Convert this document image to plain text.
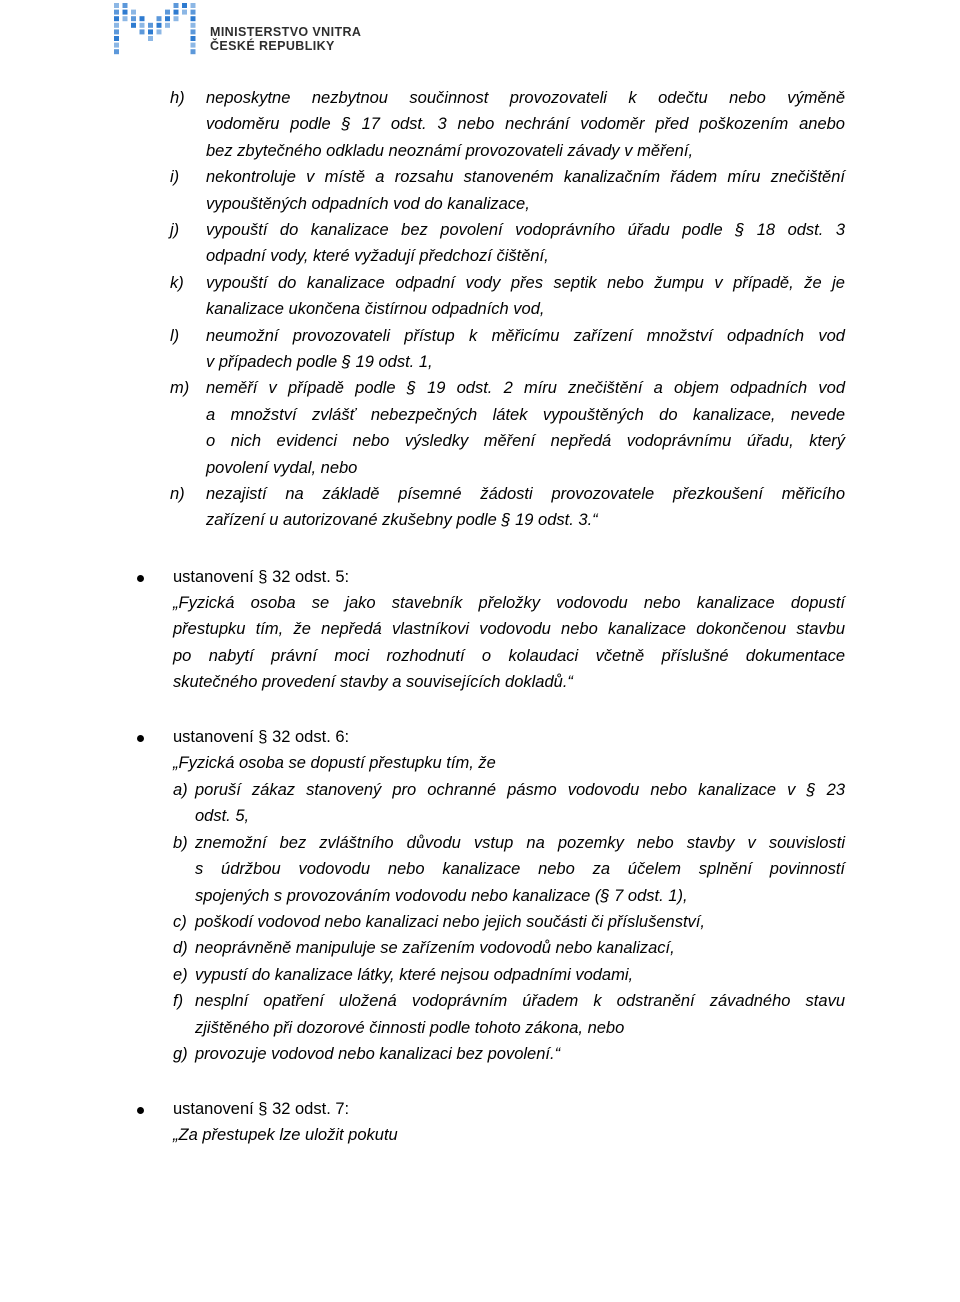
MINISTERSTVO VNITRA
ČESKÉ REPUBLIKY
h)	neposkytne nezbytnou součinnost provozovateli k odečtu nebo výměně
vodoměru podle § 17 odst. 3 nebo nechrání vodoměr před poškozením anebo
bez zbytečného odkladu neoznámí provozovateli závady v měření,
i)	nekontroluje v místě a rozsahu stanoveném kanalizačním řádem míru znečištění
vypouštěných odpadních vod do kanalizace,
j)	vypouští do kanalizace bez povolení vodoprávního úřadu podle § 18 odst. 3
odpadní vody, které vyžadují předchozí čištění,
k)	vypouští do kanalizace odpadní vody přes septik nebo žumpu v případě, že je
kanalizace ukončena čistírnou odpadních vod,
l)	neumožní provozovateli přístup k měřicímu zařízení množství odpadních vod
v případech podle § 19 odst. 1,
m)	neměří v případě podle § 19 odst. 2 míru znečištění a objem odpadních vod
a množství zvlášť nebezpečných látek vypouštěných do kanalizace, nevede
o nich evidenci nebo výsledky měření nepředá vodoprávnímu úřadu, který
povolení vydal, nebo
n)	nezajistí na základě písemné žádosti provozovatele přezkoušení měřicího
zařízení u autorizované zkušebny podle § 19 odst. 3.“
ustanovení § 32 odst. 5:
„Fyzická osoba se jako stavebník přeložky vodovodu nebo kanalizace dopustí
přestupku tím, že nepředá vlastníkovi vodovodu nebo kanalizace dokončenou stavbu
po nabytí právní moci rozhodnutí o kolaudaci včetně příslušné dokumentace
skutečného provedení stavby a souvisejících dokladů.“
ustanovení § 32 odst. 6:
„Fyzická osoba se dopustí přestupku tím, že
a) poruší zákaz stanovený pro ochranné pásmo vodovodu nebo kanalizace v § 23
odst. 5,
b) znemožní bez zvláštního důvodu vstup na pozemky nebo stavby v souvislosti
s údržbou vodovodu nebo kanalizace nebo za účelem splnění povinností
spojených s provozováním vodovodu nebo kanalizace (§ 7 odst. 1),
c) poškodí vodovod nebo kanalizaci nebo jejich součásti či příslušenství,
d) neoprávněně manipuluje se zařízením vodovodů nebo kanalizací,
e) vypustí do kanalizace látky, které nejsou odpadními vodami,
f) nesplní opatření uložená vodoprávním úřadem k odstranění závadného stavu
zjištěného při dozorové činnosti podle tohoto zákona, nebo
g) provozuje vodovod nebo kanalizaci bez povolení.“
ustanovení § 32 odst. 7:
„Za přestupek lze uložit pokutu
